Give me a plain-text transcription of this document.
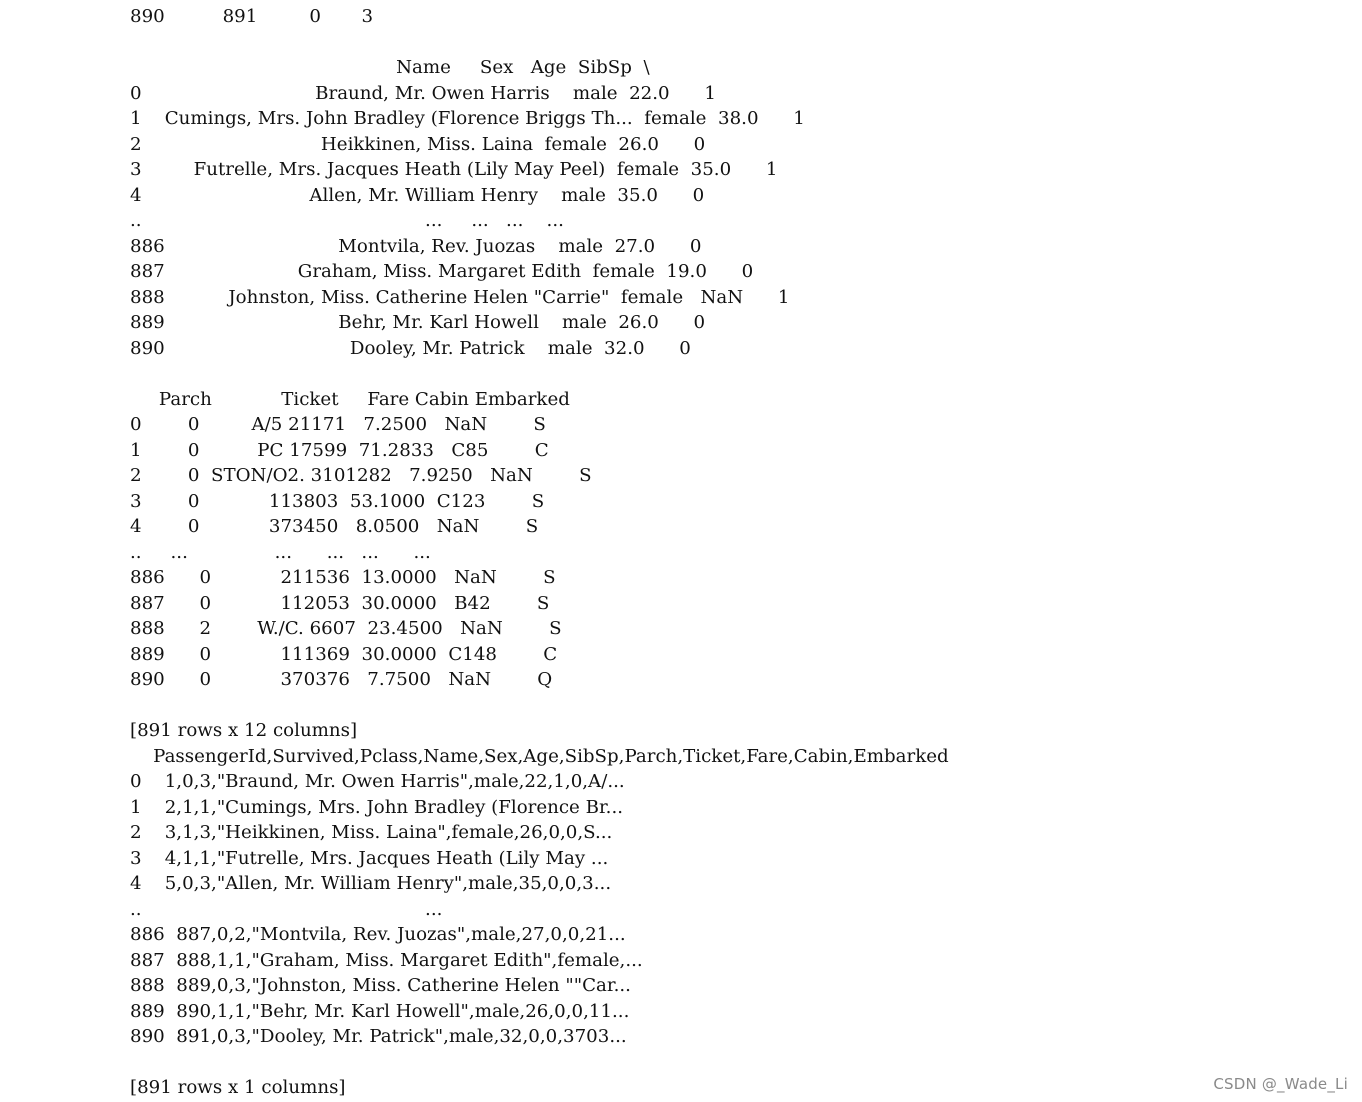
890          891         0       3

Name     Sex   Age  SibSp  \
0                              Braund, Mr. Owen Harris    male  22.0      1
1    Cumings, Mrs. John Bradley (Florence Briggs Th...  female  38.0      1
2                               Heikkinen, Miss. Laina  female  26.0      0
3         Futrelle, Mrs. Jacques Heath (Lily May Peel)  female  35.0      1
4                             Allen, Mr. William Henry    male  35.0      0
..                                                 ...     ...   ...    ...
886                              Montvila, Rev. Juozas    male  27.0      0
887                       Graham, Miss. Margaret Edith  female  19.0      0
888           Johnston, Miss. Catherine Helen "Carrie"  female   NaN      1
889                              Behr, Mr. Karl Howell    male  26.0      0
890                                Dooley, Mr. Patrick    male  32.0      0

Parch            Ticket     Fare Cabin Embarked
0        0         A/5 21171   7.2500   NaN        S
1        0          PC 17599  71.2833   C85        C
2        0  STON/O2. 3101282   7.9250   NaN        S
3        0            113803  53.1000  C123        S
4        0            373450   8.0500   NaN        S
..     ...               ...      ...   ...      ...
886      0            211536  13.0000   NaN        S
887      0            112053  30.0000   B42        S
888      2        W./C. 6607  23.4500   NaN        S
889      0            111369  30.0000  C148        C
890      0            370376   7.7500   NaN        Q

[891 rows x 12 columns]
PassengerId,Survived,Pclass,Name,Sex,Age,SibSp,Parch,Ticket,Fare,Cabin,Embarked
0    1,0,3,"Braund, Mr. Owen Harris",male,22,1,0,A/...
1    2,1,1,"Cumings, Mrs. John Bradley (Florence Br...
2    3,1,3,"Heikkinen, Miss. Laina",female,26,0,0,S...
3    4,1,1,"Futrelle, Mrs. Jacques Heath (Lily May ...
4    5,0,3,"Allen, Mr. William Henry",male,35,0,0,3...
..                                                 ...
886  887,0,2,"Montvila, Rev. Juozas",male,27,0,0,21...
887  888,1,1,"Graham, Miss. Margaret Edith",female,...
888  889,0,3,"Johnston, Miss. Catherine Helen ""Car...
889  890,1,1,"Behr, Mr. Karl Howell",male,26,0,0,11...
890  891,0,3,"Dooley, Mr. Patrick",male,32,0,0,3703...

[891 rows x 1 columns]	CSDN @_Wade_Li
